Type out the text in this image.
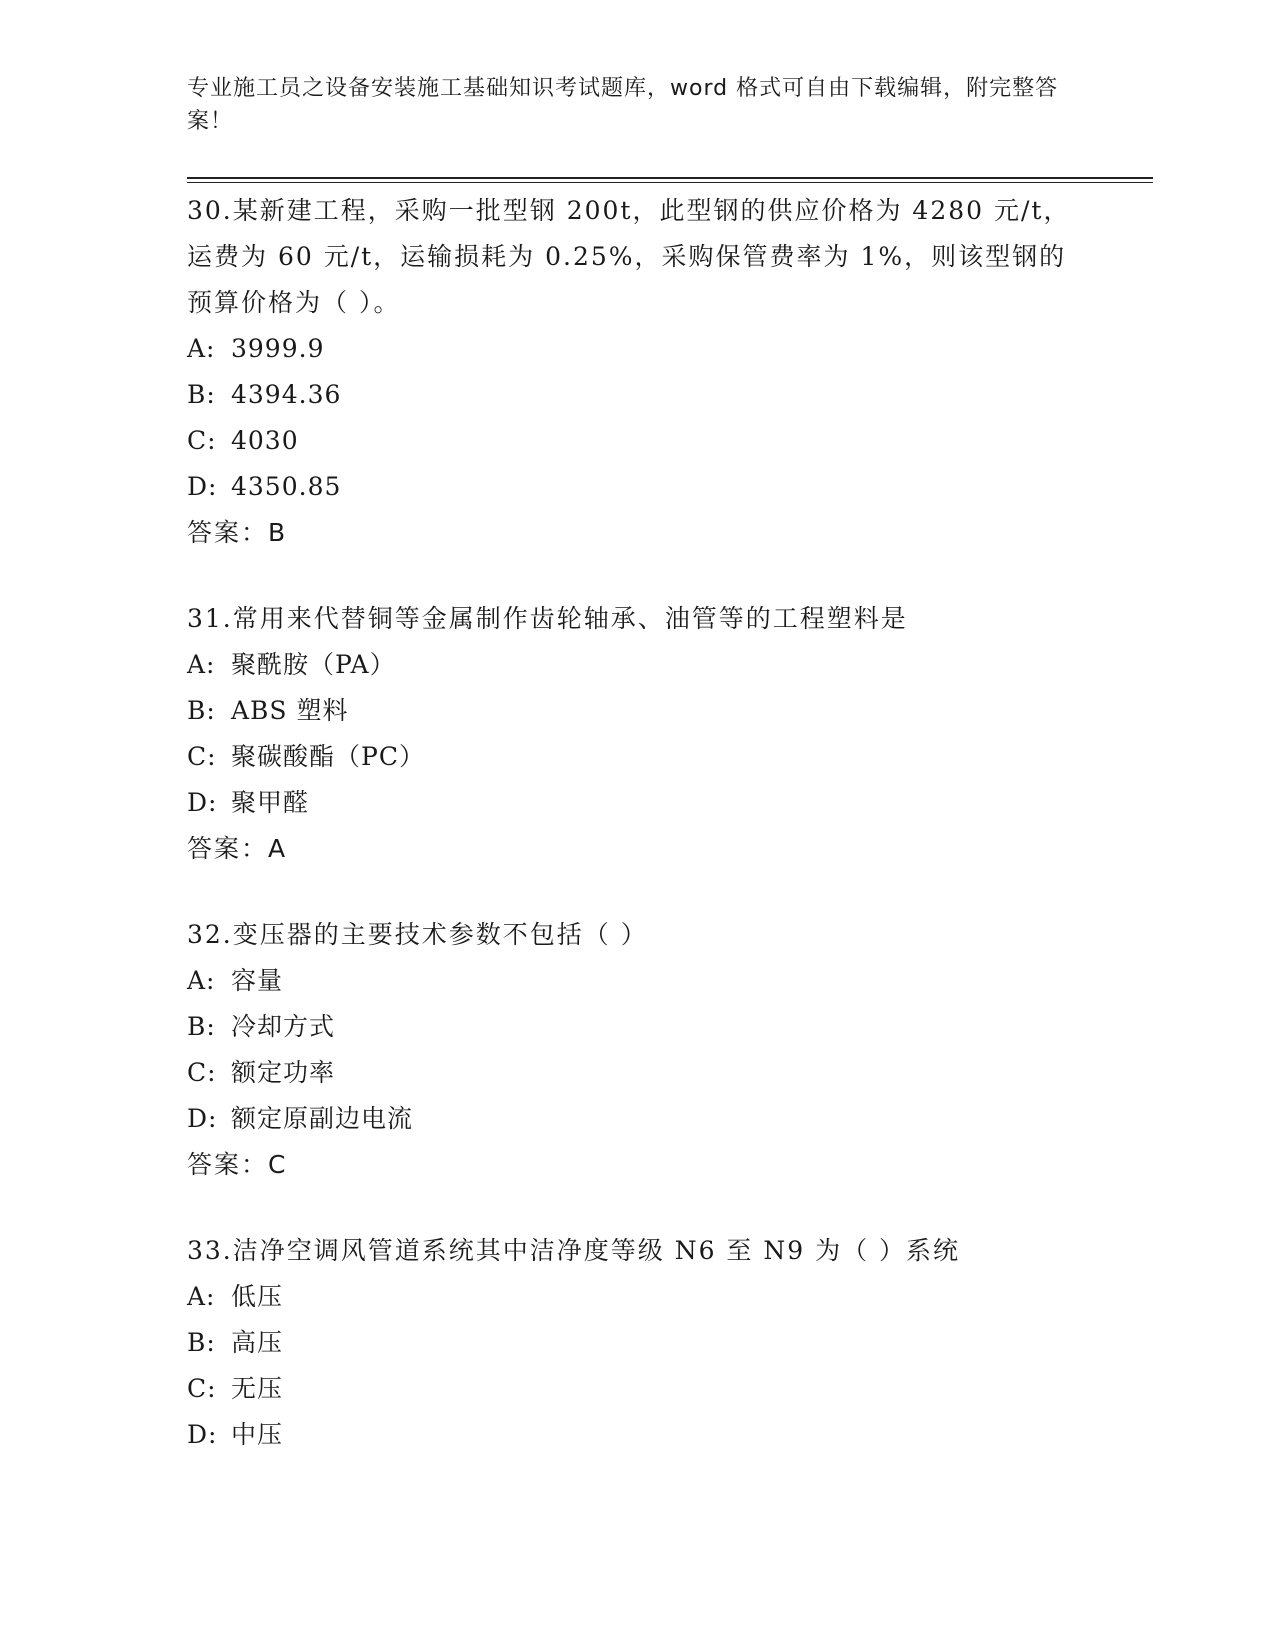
专业施工员之设备安装施工基础知识考试题库，word 格式可自由下载编辑，附完整答案！

30.某新建工程，采购一批型钢 200t，此型钢的供应价格为 4280 元/t，运费为 60 元/t，运输损耗为 0.25%，采购保管费率为 1%，则该型钢的预算价格为（ ）。

A: 3999.9

B: 4394.36

C: 4030

D: 4350.85

答案：B

31.常用来代替铜等金属制作齿轮轴承、油管等的工程塑料是

A: 聚酰胺（PA）

B: ABS 塑料

C: 聚碳酸酯（PC）

D: 聚甲醛

答案：A

32.变压器的主要技术参数不包括（ ）

A: 容量

B: 冷却方式

C: 额定功率

D: 额定原副边电流

答案：C

33.洁净空调风管道系统其中洁净度等级 N6 至 N9 为（ ）系统

A: 低压

B: 高压

C: 无压

D: 中压
